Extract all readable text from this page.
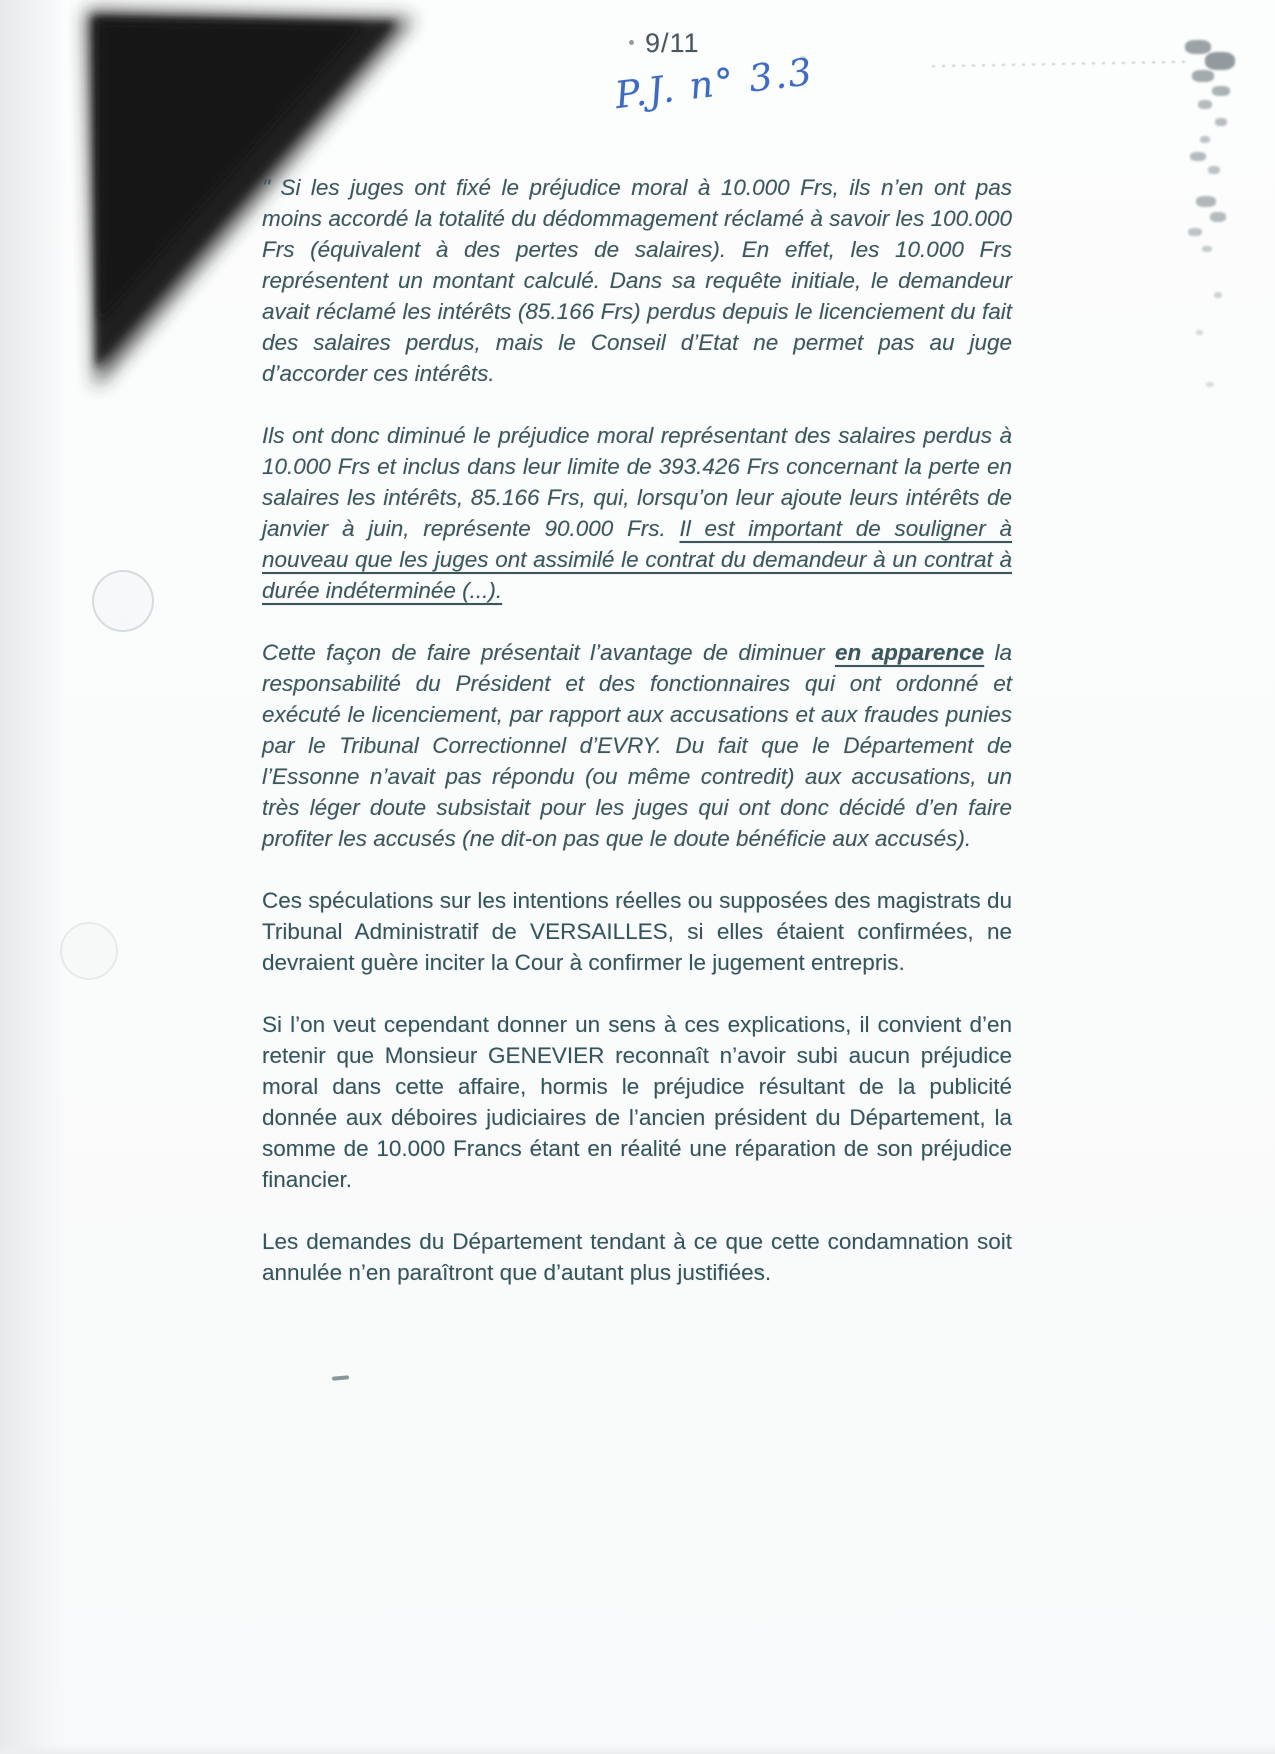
9/11
P.J. n° 3.3

" Si les juges ont fixé le préjudice moral à 10.000 Frs, ils n’en ont pas moins accordé la totalité du dédommagement réclamé à savoir les 100.000 Frs (équivalent à des pertes de salaires). En effet, les 10.000 Frs représentent un montant calculé. Dans sa requête initiale, le demandeur avait réclamé les intérêts (85.166 Frs) perdus depuis le licenciement du fait des salaires perdus, mais le Conseil d’Etat ne permet pas au juge d’accorder ces intérêts.

Ils ont donc diminué le préjudice moral représentant des salaires perdus à 10.000 Frs et inclus dans leur limite de 393.426 Frs concernant la perte en salaires les intérêts, 85.166 Frs, qui, lorsqu’on leur ajoute leurs intérêts de janvier à juin, représente 90.000 Frs. Il est important de souligner à nouveau que les juges ont assimilé le contrat du demandeur à un contrat à durée indéterminée (...).

Cette façon de faire présentait l’avantage de diminuer en apparence la responsabilité du Président et des fonctionnaires qui ont ordonné et exécuté le licenciement, par rapport aux accusations et aux fraudes punies par le Tribunal Correctionnel d’EVRY. Du fait que le Département de l’Essonne n’avait pas répondu (ou même contredit) aux accusations, un très léger doute subsistait pour les juges qui ont donc décidé d’en faire profiter les accusés (ne dit-on pas que le doute bénéficie aux accusés).

Ces spéculations sur les intentions réelles ou supposées des magistrats du Tribunal Administratif de VERSAILLES, si elles étaient confirmées, ne devraient guère inciter la Cour à confirmer le jugement entrepris.

Si l’on veut cependant donner un sens à ces explications, il convient d’en retenir que Monsieur GENEVIER reconnaît n’avoir subi aucun préjudice moral dans cette affaire, hormis le préjudice résultant de la publicité donnée aux déboires judiciaires de l’ancien président du Département, la somme de 10.000 Francs étant en réalité une réparation de son préjudice financier.

Les demandes du Département tendant à ce que cette condamnation soit annulée n’en paraîtront que d’autant plus justifiées.
